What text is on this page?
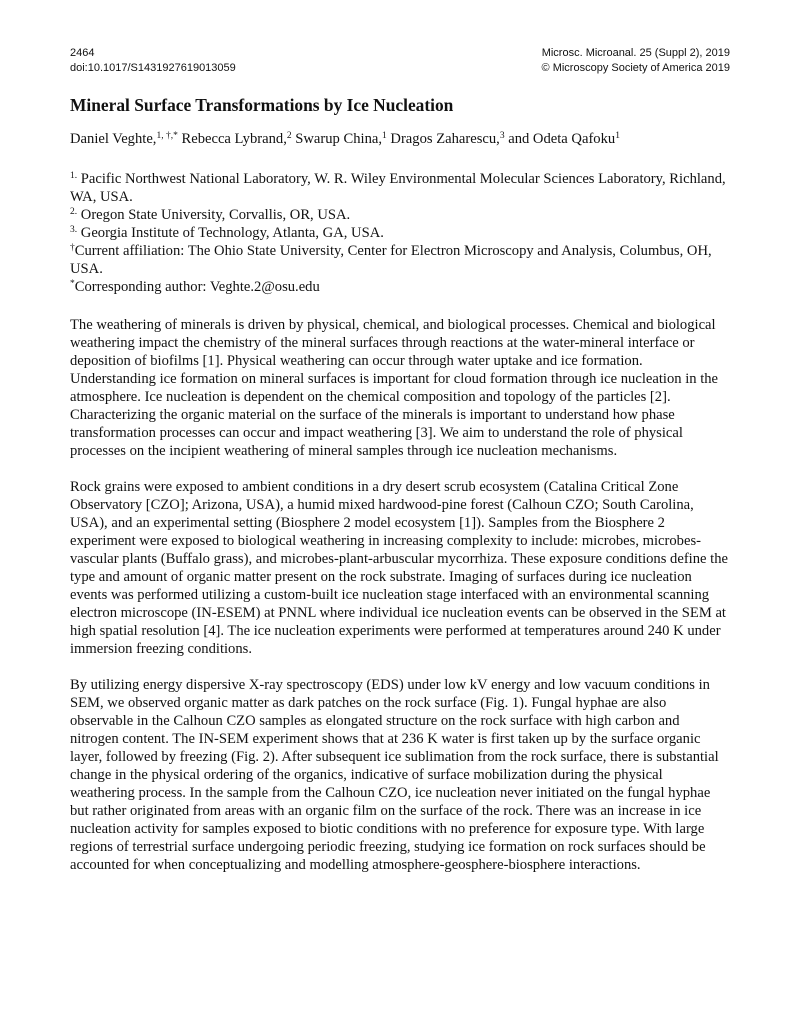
2464
doi:10.1017/S1431927619013059
Microsc. Microanal. 25 (Suppl 2), 2019
© Microscopy Society of America 2019
Mineral Surface Transformations by Ice Nucleation
Daniel Veghte,$^{1, \dagger,*}$ Rebecca Lybrand,$^2$ Swarup China,$^1$ Dragos Zaharescu,$^3$ and Odeta Qafoku$^1$
$^{1.}$ Pacific Northwest National Laboratory, W. R. Wiley Environmental Molecular Sciences Laboratory, Richland, WA, USA.
$^{2.}$ Oregon State University, Corvallis, OR, USA.
$^{3.}$ Georgia Institute of Technology, Atlanta, GA, USA.
†Current affiliation: The Ohio State University, Center for Electron Microscopy and Analysis, Columbus, OH, USA.
*Corresponding author: Veghte.2@osu.edu

The weathering of minerals is driven by physical, chemical, and biological processes. Chemical and biological weathering impact the chemistry of the mineral surfaces through reactions at the water-mineral interface or deposition of biofilms [1]. Physical weathering can occur through water uptake and ice formation. Understanding ice formation on mineral surfaces is important for cloud formation through ice nucleation in the atmosphere. Ice nucleation is dependent on the chemical composition and topology of the particles [2]. Characterizing the organic material on the surface of the minerals is important to understand how phase transformation processes can occur and impact weathering [3]. We aim to understand the role of physical processes on the incipient weathering of mineral samples through ice nucleation mechanisms.

Rock grains were exposed to ambient conditions in a dry desert scrub ecosystem (Catalina Critical Zone Observatory [CZO]; Arizona, USA), a humid mixed hardwood-pine forest (Calhoun CZO; South Carolina, USA), and an experimental setting (Biosphere 2 model ecosystem [1]). Samples from the Biosphere 2 experiment were exposed to biological weathering in increasing complexity to include: microbes, microbes-vascular plants (Buffalo grass), and microbes-plant-arbuscular mycorrhiza. These exposure conditions define the type and amount of organic matter present on the rock substrate. Imaging of surfaces during ice nucleation events was performed utilizing a custom-built ice nucleation stage interfaced with an environmental scanning electron microscope (IN-ESEM) at PNNL where individual ice nucleation events can be observed in the SEM at high spatial resolution [4]. The ice nucleation experiments were performed at temperatures around 240 K under immersion freezing conditions.

By utilizing energy dispersive X-ray spectroscopy (EDS) under low kV energy and low vacuum conditions in SEM, we observed organic matter as dark patches on the rock surface (Fig. 1). Fungal hyphae are also observable in the Calhoun CZO samples as elongated structure on the rock surface with high carbon and nitrogen content. The IN-SEM experiment shows that at 236 K water is first taken up by the surface organic layer, followed by freezing (Fig. 2). After subsequent ice sublimation from the rock surface, there is substantial change in the physical ordering of the organics, indicative of surface mobilization during the physical weathering process. In the sample from the Calhoun CZO, ice nucleation never initiated on the fungal hyphae but rather originated from areas with an organic film on the surface of the rock. There was an increase in ice nucleation activity for samples exposed to biotic conditions with no preference for exposure type. With large regions of terrestrial surface undergoing periodic freezing, studying ice formation on rock surfaces should be accounted for when conceptualizing and modelling atmosphere-geosphere-biosphere interactions.
